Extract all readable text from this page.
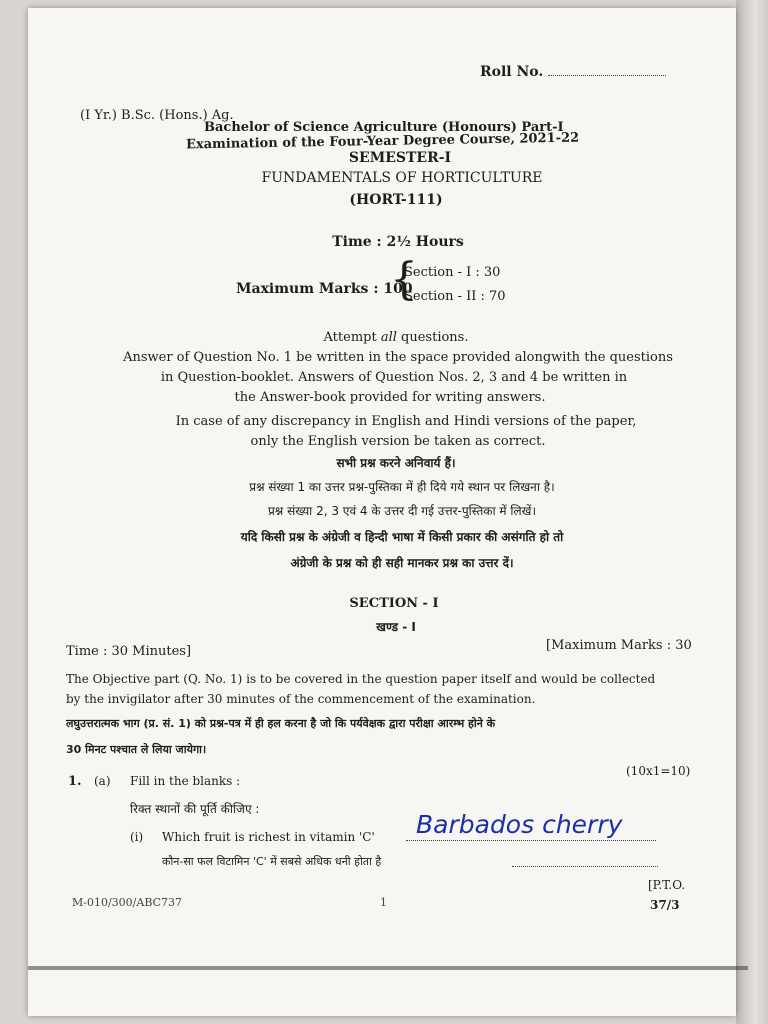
Roll No.
(I Yr.) B.Sc. (Hons.) Ag.
Bachelor of Science Agriculture (Honours) Part-I
Examination of the Four-Year Degree Course, 2021-22
SEMESTER-I
FUNDAMENTALS OF HORTICULTURE
(HORT-111)
Time : 2½ Hours
Maximum Marks : 100
{
Section - I : 30
Section - II : 70
Attempt all questions.
Answer of Question No. 1 be written in the space provided alongwith the questions
in Question-booklet. Answers of Question Nos. 2, 3 and 4 be written in
the Answer-book provided for writing answers.
In case of any discrepancy in English and Hindi versions of the paper,
only the English version be taken as correct.
सभी प्रश्न करने अनिवार्य हैं।
प्रश्न संख्या 1 का उत्तर प्रश्न-पुस्तिका में ही दिये गये स्थान पर लिखना है।
प्रश्न संख्या 2, 3 एवं 4 के उत्तर दी गई उत्तर-पुस्तिका में लिखें।
यदि किसी प्रश्न के अंग्रेजी व हिन्दी भाषा में किसी प्रकार की असंगति हो तो
अंग्रेजी के प्रश्न को ही सही मानकर प्रश्न का उत्तर दें।
SECTION - I
खण्ड - I
Time : 30 Minutes]	[Maximum Marks : 30
The Objective part (Q. No. 1) is to be covered in the question paper itself and would be collected
by the invigilator after 30 minutes of the commencement of the examination.
लघुउत्तरात्मक भाग (प्र. सं. 1) को प्रश्न-पत्र में ही हल करना है जो कि पर्यवेक्षक द्वारा परीक्षा आरम्भ होने के
30 मिनट पश्चात ले लिया जायेगा।
1. (a) Fill in the blanks :
(10x1=10)
रिक्त स्थानों की पूर्ति कीजिए :
(i) Which fruit is richest in vitamin 'C' Barbados cherry
कौन-सा फल विटामिन 'C' में सबसे अधिक धनी होता है
M-010/300/ABC737	1
[P.T.O.
37/3
